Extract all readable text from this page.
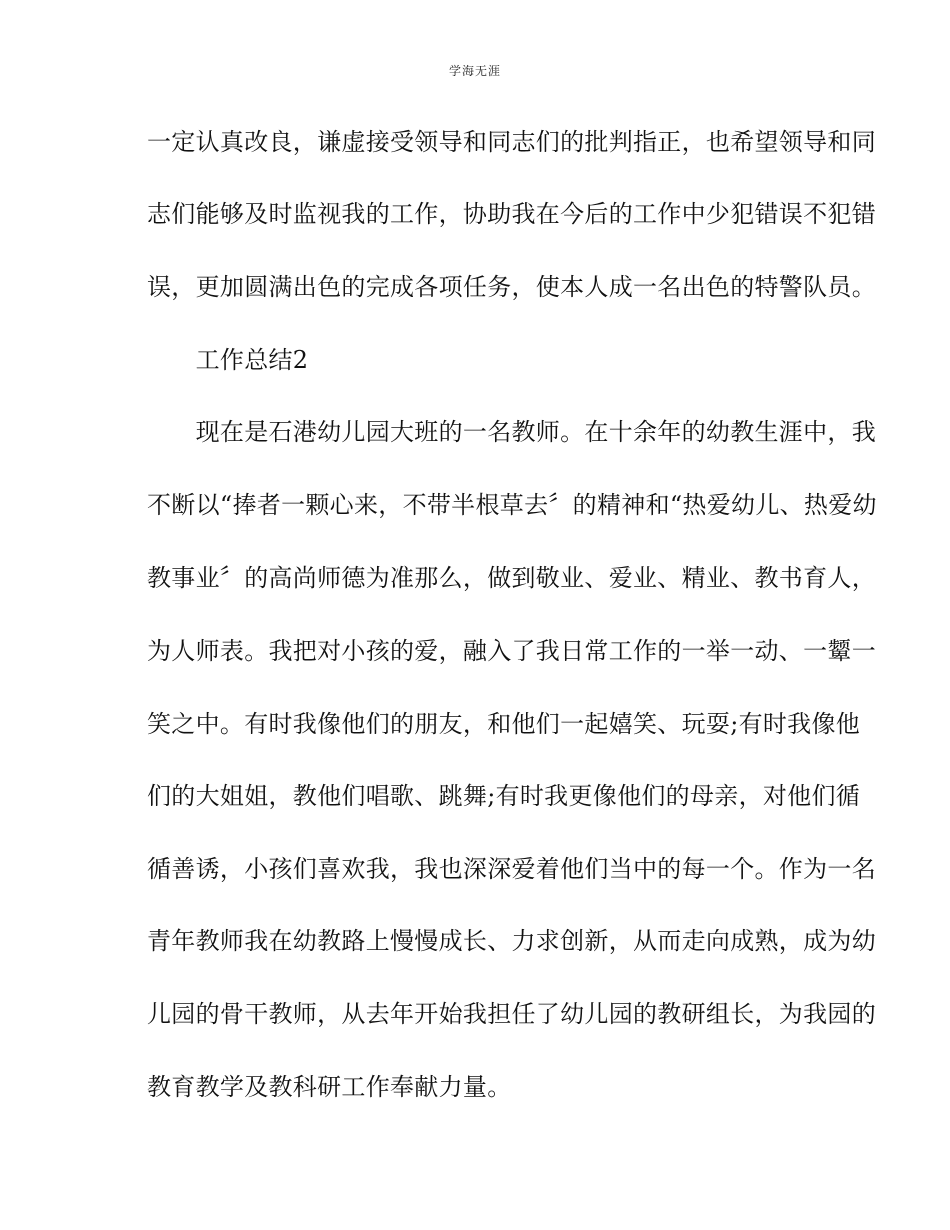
学海无涯
一定认真改良，谦虚接受领导和同志们的批判指正，也希望领导和同
志们能够及时监视我的工作，协助我在今后的工作中少犯错误不犯错
误，更加圆满出色的完成各项任务，使本人成一名出色的特警队员。
　　工作总结2
　　现在是石港幼儿园大班的一名教师。在十余年的幼教生涯中，我
不断以“捧者一颗心来，不带半根草去〞的精神和“热爱幼儿、热爱幼
教事业〞的高尚师德为准那么，做到敬业、爱业、精业、教书育人，
为人师表。我把对小孩的爱，融入了我日常工作的一举一动、一颦一
笑之中。有时我像他们的朋友，和他们一起嬉笑、玩耍;有时我像他
们的大姐姐，教他们唱歌、跳舞;有时我更像他们的母亲，对他们循
循善诱，小孩们喜欢我，我也深深爱着他们当中的每一个。作为一名
青年教师我在幼教路上慢慢成长、力求创新，从而走向成熟，成为幼
儿园的骨干教师，从去年开始我担任了幼儿园的教研组长，为我园的
教育教学及教科研工作奉献力量。
